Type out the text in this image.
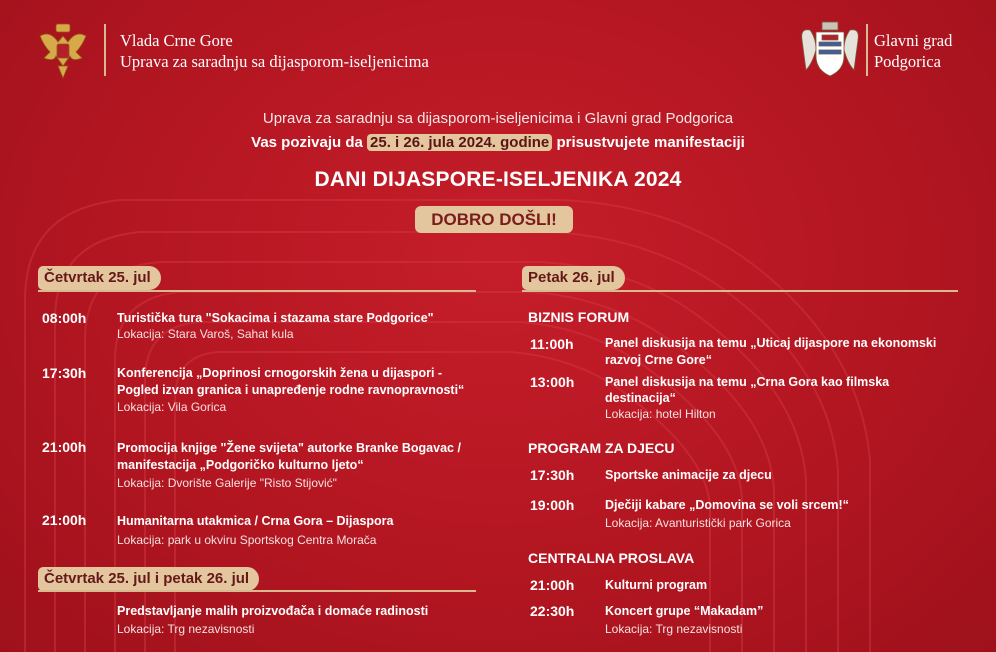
Vlada Crne Gore
Uprava za saradnju sa dijasporom-iseljenicima
Glavni grad
Podgorica
Uprava za saradnju sa dijasporom-iseljenicima i Glavni grad Podgorica
Vas pozivaju da 25. i 26. jula 2024. godine prisustvujete manifestaciji
DANI DIJASPORE-ISELJENIKA 2024
DOBRO DOŠLI!
Četvrtak 25. jul
08:00h Turistička tura "Sokacima i stazama stare Podgorice"
Lokacija: Stara Varoš, Sahat kula
17:30h Konferencija „Doprinosi crnogorskih žena u dijaspori -
Pogled izvan granica i unapređenje rodne ravnopravnosti“
Lokacija: Vila Gorica
21:00h Promocija knjige "Žene svijeta" autorke Branke Bogavac /
manifestacija „Podgoričko kulturno ljeto“
Lokacija: Dvorište Galerije "Risto Stijović"
21:00h Humanitarna utakmica / Crna Gora – Dijaspora
Lokacija: park u okviru Sportskog Centra Morača
Četvrtak 25. jul i petak 26. jul
Predstavljanje malih proizvođača i domaće radinosti
Lokacija: Trg nezavisnosti
Petak 26. jul
BIZNIS FORUM
11:00h	Panel diskusija na temu „Uticaj dijaspore na ekonomski
razvoj Crne Gore“
13:00h Panel diskusija na temu „Crna Gora kao filmska
destinacija“
Lokacija: hotel Hilton
PROGRAM ZA DJECU
17:30h Sportske animacije za djecu
19:00h Dječiji kabare „Domovina se voli srcem!“
Lokacija: Avanturistički park Gorica
CENTRALNA PROSLAVA
21:00h Kulturni program
22:30h Koncert grupe “Makadam”
Lokacija: Trg nezavisnosti
